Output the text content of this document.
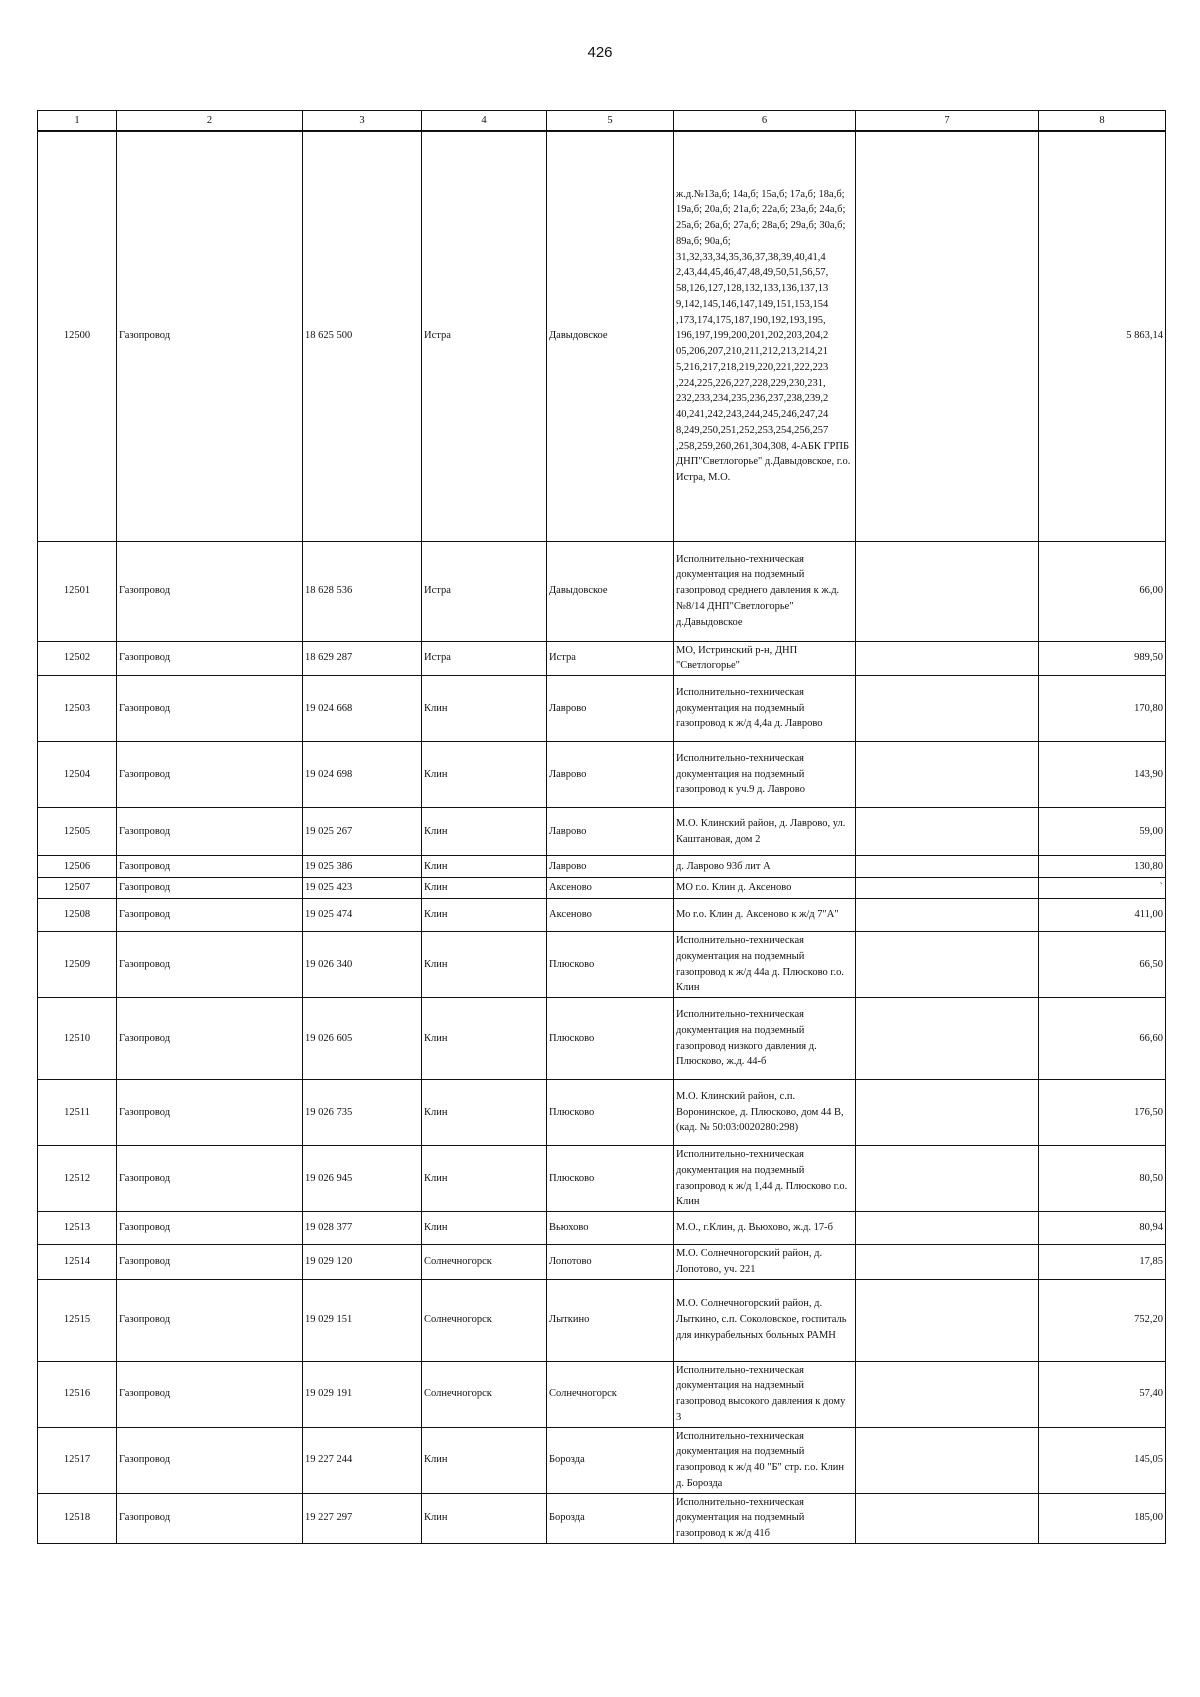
426
1	2	3	4	5	6	7	8
12500	Газопровод	18 625 500	Истра	Давыдовское	ж.д.№13а,б; 14а,б; 15а,б; 17а,б; 18а,б; 19а,б; 20а,б; 21а,б; 22а,б; 23а,б; 24а,б; 25а,б; 26а,б; 27а,б; 28а,б; 29а,б; 30а,б; 89а,б; 90а,б; 31,32,33,34,35,36,37,38,39,40,41,4 2,43,44,45,46,47,48,49,50,51,56,57, 58,126,127,128,132,133,136,137,13 9,142,145,146,147,149,151,153,154 ,173,174,175,187,190,192,193,195, 196,197,199,200,201,202,203,204,2 05,206,207,210,211,212,213,214,21 5,216,217,218,219,220,221,222,223 ,224,225,226,227,228,229,230,231, 232,233,234,235,236,237,238,239,2 40,241,242,243,244,245,246,247,24 8,249,250,251,252,253,254,256,257 ,258,259,260,261,304,308, 4-АБК ГРПБ ДНП"Светлогорье" д.Давыдовское, г.о. Истра, М.О.		5 863,14
12501	Газопровод	18 628 536	Истра	Давыдовское	Исполнительно-техническая документация на подземный газопровод среднего давления к ж.д.№8/14 ДНП"Светлогорье" д.Давыдовское		66,00
12502	Газопровод	18 629 287	Истра	Истра	МО, Истринский р-н, ДНП "Светлогорье"		989,50
12503	Газопровод	19 024 668	Клин	Лаврово	Исполнительно-техническая документация на подземный газопровод к ж/д 4,4а д. Лаврово		170,80
12504	Газопровод	19 024 698	Клин	Лаврово	Исполнительно-техническая документация на подземный газопровод к уч.9 д. Лаврово		143,90
12505	Газопровод	19 025 267	Клин	Лаврово	М.О. Клинский район, д. Лаврово, ул. Каштановая, дом 2		59,00
12506	Газопровод	19 025 386	Клин	Лаврово	д. Лаврово 93б лит А		130,80
12507	Газопровод	19 025 423	Клин	Аксеново	МО г.о. Клин д. Аксеново		`
12508	Газопровод	19 025 474	Клин	Аксеново	Мо г.о. Клин д. Аксеново к ж/д 7"А"		411,00
12509	Газопровод	19 026 340	Клин	Плюсково	Исполнительно-техническая документация на подземный газопровод к ж/д 44а д. Плюсково г.о. Клин		66,50
12510	Газопровод	19 026 605	Клин	Плюсково	Исполнительно-техническая документация на подземный газопровод низкого давления д. Плюсково, ж.д. 44-б		66,60
12511	Газопровод	19 026 735	Клин	Плюсково	М.О. Клинский район, с.п. Воронинское, д. Плюсково, дом 44 В, (кад. № 50:03:0020280:298)		176,50
12512	Газопровод	19 026 945	Клин	Плюсково	Исполнительно-техническая документация на подземный газопровод к ж/д 1,44 д. Плюсково г.о. Клин		80,50
12513	Газопровод	19 028 377	Клин	Вьюхово	М.О., г.Клин, д. Вьюхово, ж.д. 17-б		80,94
12514	Газопровод	19 029 120	Солнечногорск	Лопотово	М.О. Солнечногорский район, д. Лопотово, уч. 221		17,85
12515	Газопровод	19 029 151	Солнечногорск	Лыткино	М.О. Солнечногорский район, д. Лыткино, с.п. Соколовское, госпиталь для инкурабельных больных РАМН		752,20
12516	Газопровод	19 029 191	Солнечногорск	Солнечногорск	Исполнительно-техническая документация на надземный газопровод высокого давления к дому 3		57,40
12517	Газопровод	19 227 244	Клин	Борозда	Исполнительно-техническая документация на подземный газопровод к ж/д 40 "Б" стр. г.о. Клин д. Борозда		145,05
12518	Газопровод	19 227 297	Клин	Борозда	Исполнительно-техническая документация на подземный газопровод к ж/д 41б		185,00
